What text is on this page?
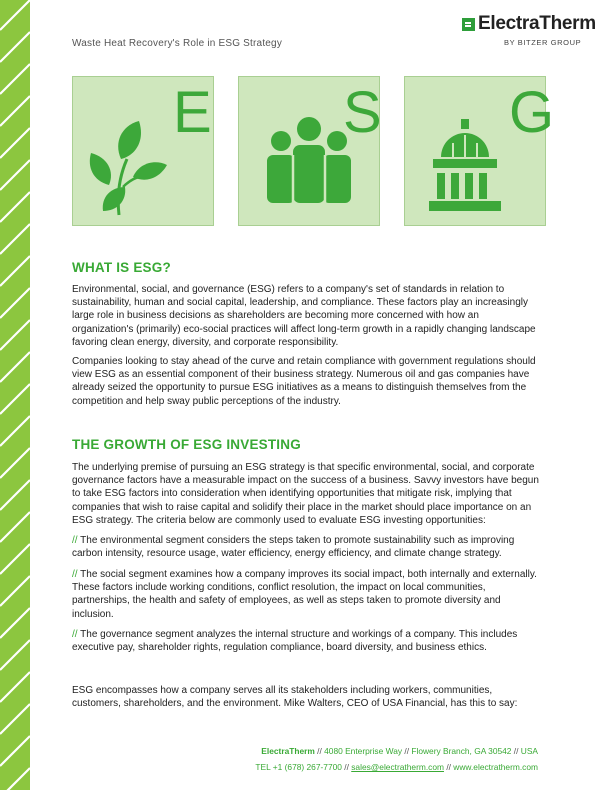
Waste Heat Recovery's Role in ESG Strategy
ElectraTherm
BY BITZER GROUP
E S G
WHAT IS ESG?

Environmental, social, and governance (ESG) refers to a company's set of standards in relation to sustainability, human and social capital, leadership, and compliance. These factors play an increasingly large role in business decisions as shareholders are becoming more concerned with how an organization's (primarily) eco-social practices will affect long-term growth in a rapidly changing landscape favoring clean energy, diversity, and corporate responsibility.

Companies looking to stay ahead of the curve and retain compliance with government regulations should view ESG as an essential component of their business strategy. Numerous oil and gas companies have already seized the opportunity to pursue ESG initiatives as a means to distinguish themselves from the competition and help sway public perceptions of the industry.

THE GROWTH OF ESG INVESTING

The underlying premise of pursuing an ESG strategy is that specific environmental, social, and corporate governance factors have a measurable impact on the success of a business. Savvy investors have begun to take ESG factors into consideration when identifying opportunities that mitigate risk, implying that companies that wish to raise capital and solidify their place in the market should place importance on an ESG strategy. The criteria below are commonly used to evaluate ESG investing opportunities:

// The environmental segment considers the steps taken to promote sustainability such as improving carbon intensity, resource usage, water efficiency, energy efficiency, and climate change strategy.

// The social segment examines how a company improves its social impact, both internally and externally. These factors include working conditions, conflict resolution, the impact on local communities, partnerships, the health and safety of employees, as well as steps taken to promote diversity and inclusion.

// The governance segment analyzes the internal structure and workings of a company. This includes executive pay, shareholder rights, regulation compliance, board diversity, and business ethics.

ESG encompasses how a company serves all its stakeholders including workers, communities, customers, shareholders, and the environment. Mike Walters, CEO of USA Financial, has this to say:

ElectraTherm // 4080 Enterprise Way // Flowery Branch, GA 30542 // USA
TEL +1 (678) 267-7700 // sales@electratherm.com // www.electratherm.com
